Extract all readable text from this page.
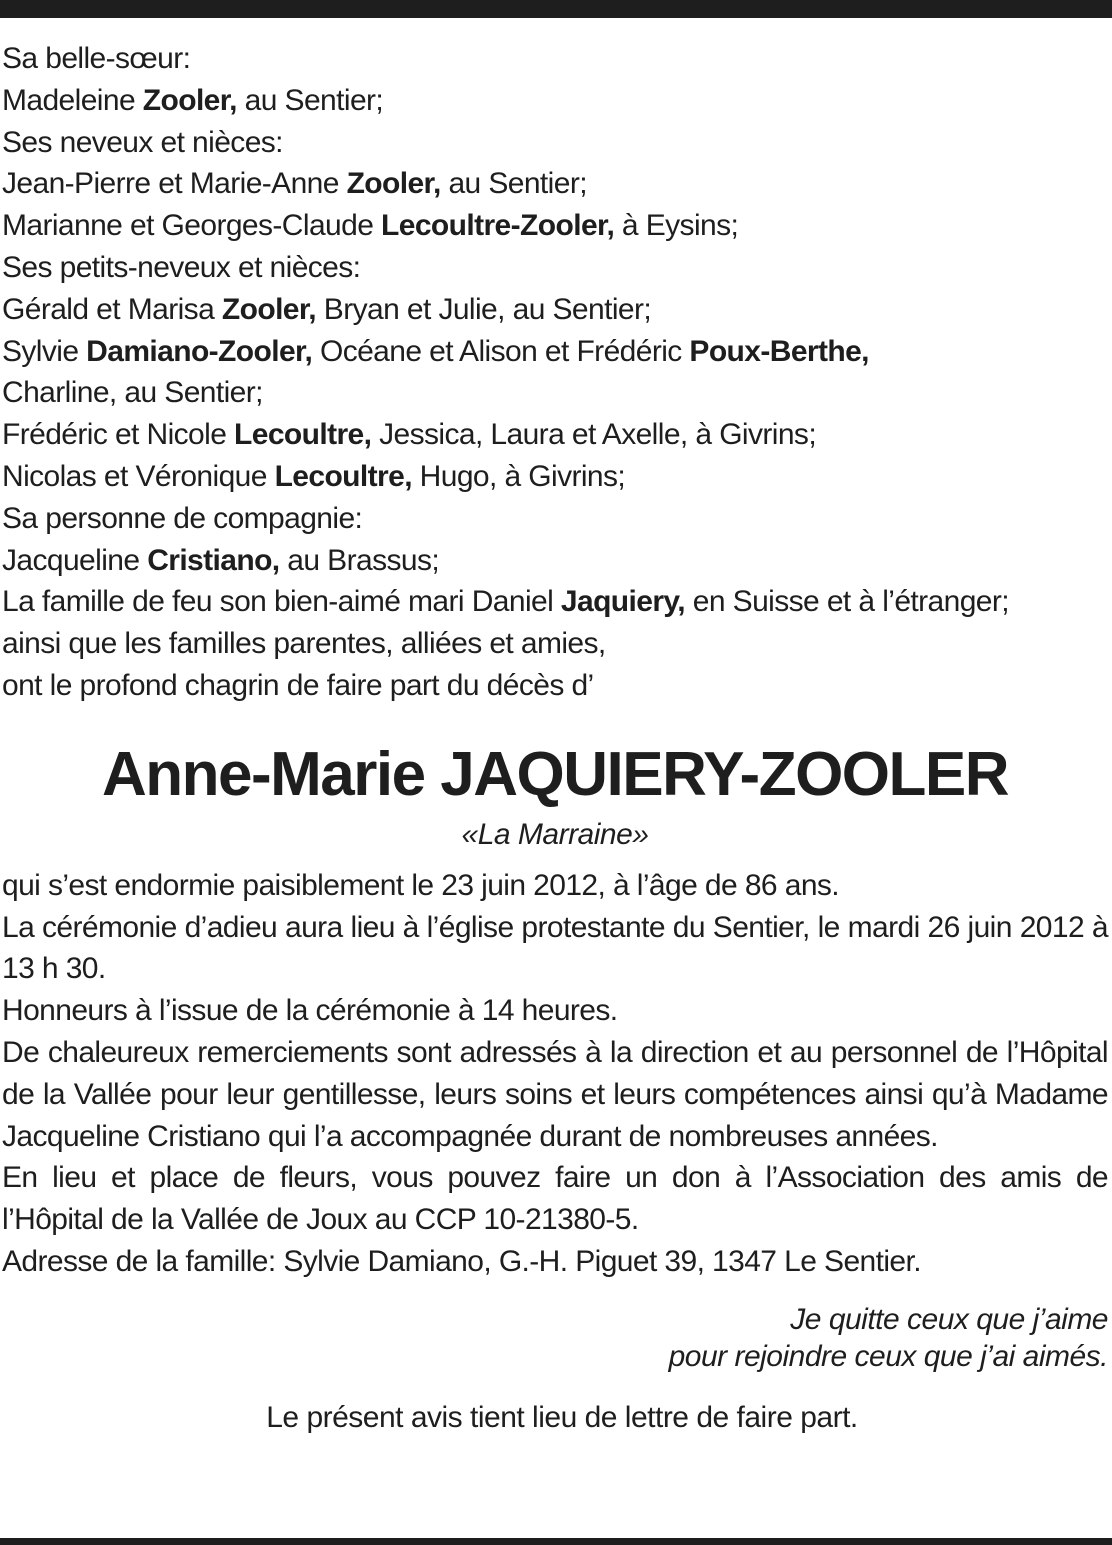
Sa belle-sœur:
Madeleine Zooler, au Sentier;
Ses neveux et nièces:
Jean-Pierre et Marie-Anne Zooler, au Sentier;
Marianne et Georges-Claude Lecoultre-Zooler, à Eysins;
Ses petits-neveux et nièces:
Gérald et Marisa Zooler, Bryan et Julie, au Sentier;
Sylvie Damiano-Zooler, Océane et Alison et Frédéric Poux-Berthe,
Charline, au Sentier;
Frédéric et Nicole Lecoultre, Jessica, Laura et Axelle, à Givrins;
Nicolas et Véronique Lecoultre, Hugo, à Givrins;
Sa personne de compagnie:
Jacqueline Cristiano, au Brassus;
La famille de feu son bien-aimé mari Daniel Jaquiery, en Suisse et à l’étranger;
ainsi que les familles parentes, alliées et amies,
ont le profond chagrin de faire part du décès d’
Anne-Marie JAQUIERY-ZOOLER
«La Marraine»
qui s’est endormie paisiblement le 23 juin 2012, à l’âge de 86 ans.
La cérémonie d’adieu aura lieu à l’église protestante du Sentier, le mardi 26 juin 2012 à 13 h 30.
Honneurs à l’issue de la cérémonie à 14 heures.
De chaleureux remerciements sont adressés à la direction et au personnel de l’Hôpital de la Vallée pour leur gentillesse, leurs soins et leurs compétences ainsi qu’à Madame Jacqueline Cristiano qui l’a accompagnée durant de nombreuses années.
En lieu et place de fleurs, vous pouvez faire un don à l’Association des amis de l’Hôpital de la Vallée de Joux au CCP 10-21380-5.
Adresse de la famille: Sylvie Damiano, G.-H. Piguet 39, 1347 Le Sentier.
Je quitte ceux que j’aime
pour rejoindre ceux que j’ai aimés.
Le présent avis tient lieu de lettre de faire part.
